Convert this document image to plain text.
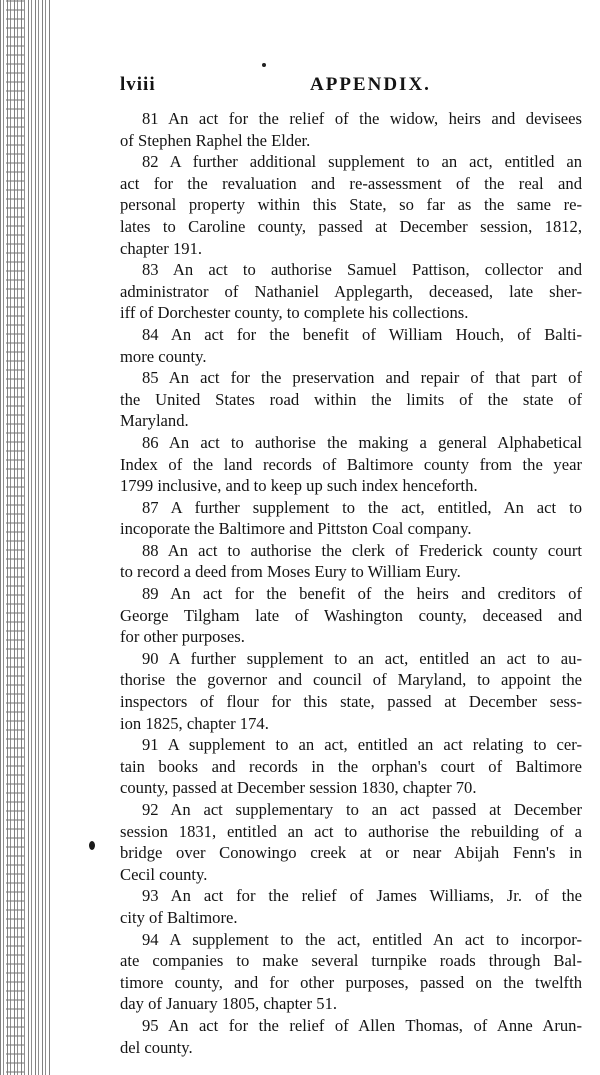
lviii	APPENDIX.

81 An act for the relief of the widow, heirs and devisees
of Stephen Raphel the Elder.

82 A further additional supplement to an act, entitled an
act for the revaluation and re-assessment of the real and
personal property within this State, so far as the same re-
lates to Caroline county, passed at December session, 1812,
chapter 191.

83 An act to authorise Samuel Pattison, collector and
administrator of Nathaniel Applegarth, deceased, late sher-
iff of Dorchester county, to complete his collections.

84 An act for the benefit of William Houch, of Balti-
more county.

85 An act for the preservation and repair of that part of
the United States road within the limits of the state of
Maryland.

86 An act to authorise the making a general Alphabetical
Index of the land records of Baltimore county from the year
1799 inclusive, and to keep up such index henceforth.

87 A further supplement to the act, entitled, An act to
incoporate the Baltimore and Pittston Coal company.

88 An act to authorise the clerk of Frederick county court
to record a deed from Moses Eury to William Eury.

89 An act for the benefit of the heirs and creditors of
George Tilgham late of Washington county, deceased and
for other purposes.

90 A further supplement to an act, entitled an act to au-
thorise the governor and council of Maryland, to appoint the
inspectors of flour for this state, passed at December sess-
ion 1825, chapter 174.

91 A supplement to an act, entitled an act relating to cer-
tain books and records in the orphan's court of Baltimore
county, passed at December session 1830, chapter 70.

92 An act supplementary to an act passed at December
session 1831, entitled an act to authorise the rebuilding of a
bridge over Conowingo creek at or near Abijah Fenn's in
Cecil county.

93 An act for the relief of James Williams, Jr. of the
city of Baltimore.

94 A supplement to the act, entitled An act to incorpor-
ate companies to make several turnpike roads through Bal-
timore county, and for other purposes, passed on the twelfth
day of January 1805, chapter 51.

95 An act for the relief of Allen Thomas, of Anne Arun-
del county.
